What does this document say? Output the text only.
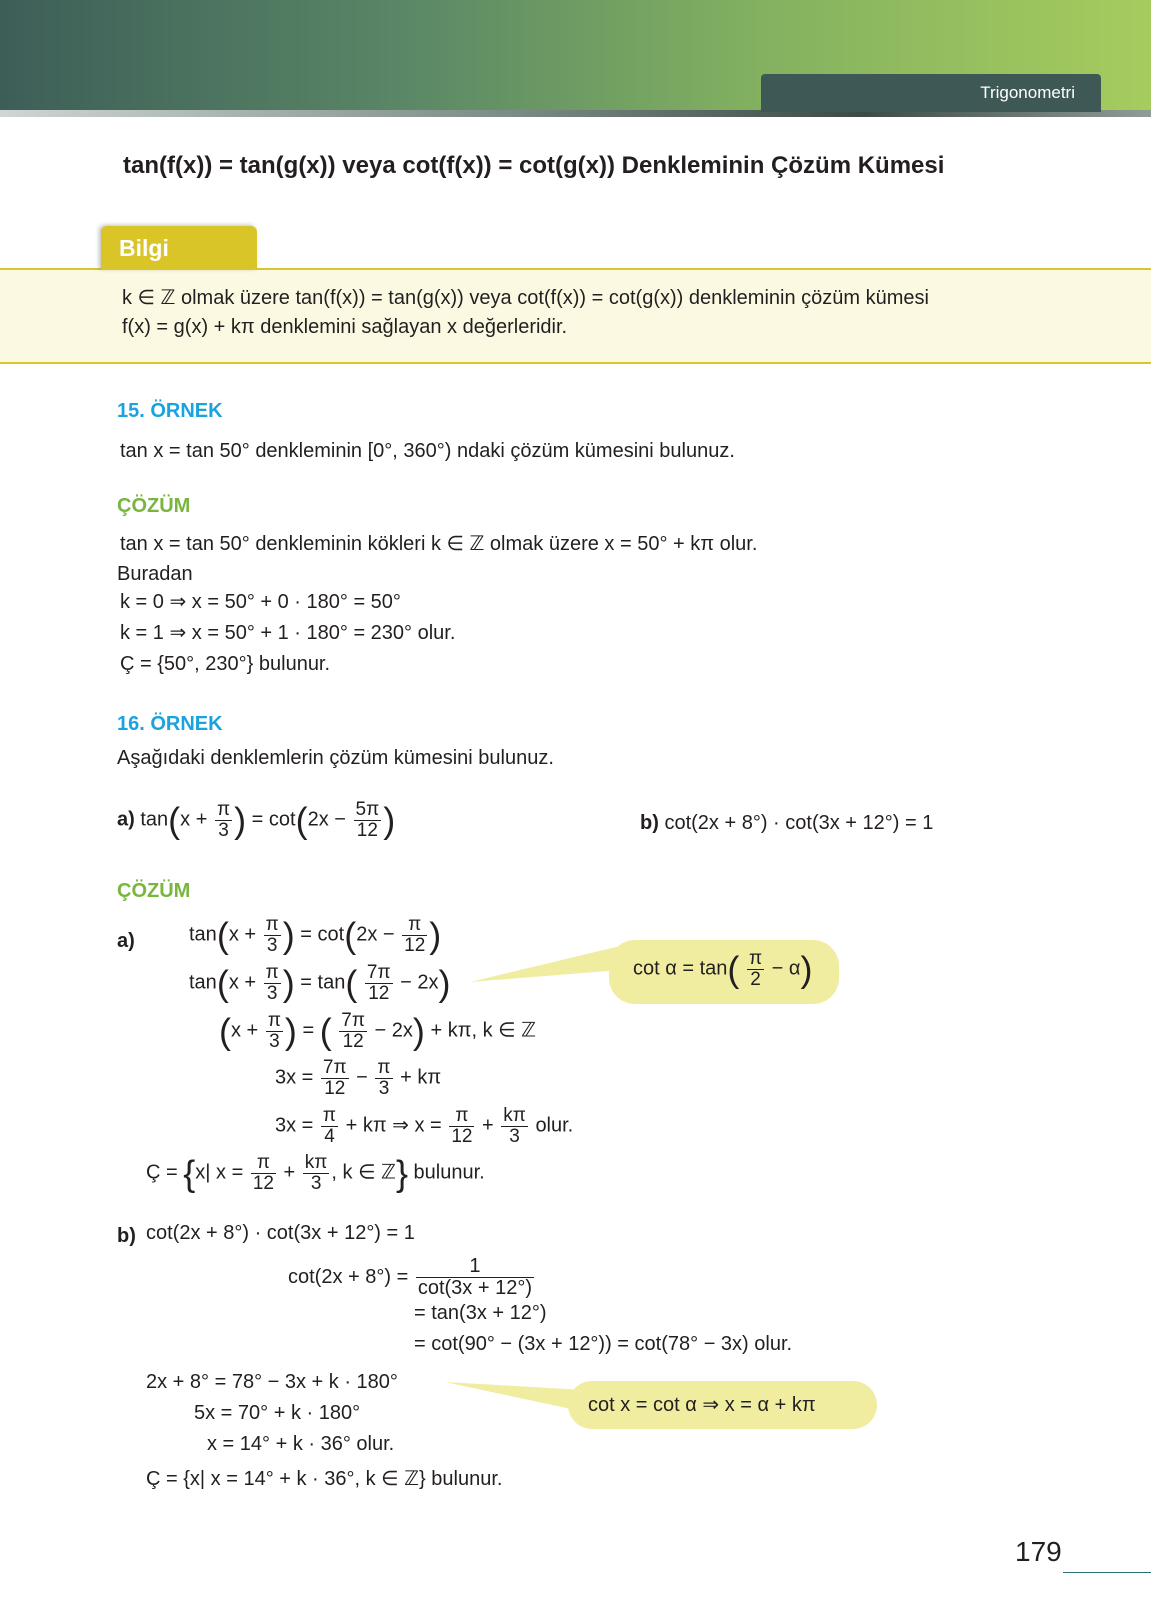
Trigonometri
tan(f(x)) = tan(g(x)) veya cot(f(x)) = cot(g(x)) Denkleminin Çözüm Kümesi
Bilgi
k ∈ ℤ olmak üzere tan(f(x)) = tan(g(x)) veya cot(f(x)) = cot(g(x)) denkleminin çözüm kümesi
f(x) = g(x) + kπ denklemini sağlayan x değerleridir.
15. ÖRNEK
tan x = tan 50° denkleminin [0°, 360°) ndaki çözüm kümesini bulunuz.
ÇÖZÜM
tan x = tan 50° denkleminin kökleri k ∈ ℤ olmak üzere x = 50° + kπ olur.
Buradan
k = 0 ⇒ x = 50° + 0 · 180° = 50°
k = 1 ⇒ x = 50° + 1 · 180° = 230° olur.
Ç = {50°, 230°} bulunur.
16. ÖRNEK
Aşağıdaki denklemlerin çözüm kümesini bulunuz.
a) $\tan(x + \frac{\pi}{3}$ ) = $\cot(2x - \frac{5\pi}{12}$ )	b) cot(2x + 8°) · cot(3x + 12°) = 1
ÇÖZÜM
a)	$\tan(x + \frac{\pi}{3}$ ) = $\cot(2x - \frac{\pi}{12}$ )
$\tan(x + \frac{\pi}{3}$ ) = $\tan( \frac{7\pi}{12} - 2x)$
($x + \frac{\pi}{3}$ ) = ( $\frac{7\pi}{12} - 2x) + k\pi$, k ∈ ℤ
$3x = \frac{7\pi}{12} - \frac{\pi}{3} + k\pi$
$3x = \frac{\pi}{4} + k\pi$ ⇒ $x = \frac{\pi}{12} + \frac{k\pi}{3}$ olur.
Ç = {x| $x = \frac{\pi}{12} + \frac{k\pi}{3}$ , k ∈ ℤ} bulunur.
$\cot \alpha = \tan( \frac{\pi}{2} - \alpha)$
b) cot(2x + 8°) · cot(3x + 12°) = 1
$\cot(2x + 8^\circ) = \frac{1}{\cot(3x + 12^\circ)}$
= tan(3x + 12°)
= cot(90° − (3x + 12°)) = cot(78° − 3x) olur.
2x + 8° = 78° − 3x + k · 180°
5x = 70° + k · 180°
x = 14° + k · 36° olur.
Ç = {x| x = 14° + k · 36°, k ∈ ℤ} bulunur.
cot x = cot α ⇒ x = α + kπ
179
